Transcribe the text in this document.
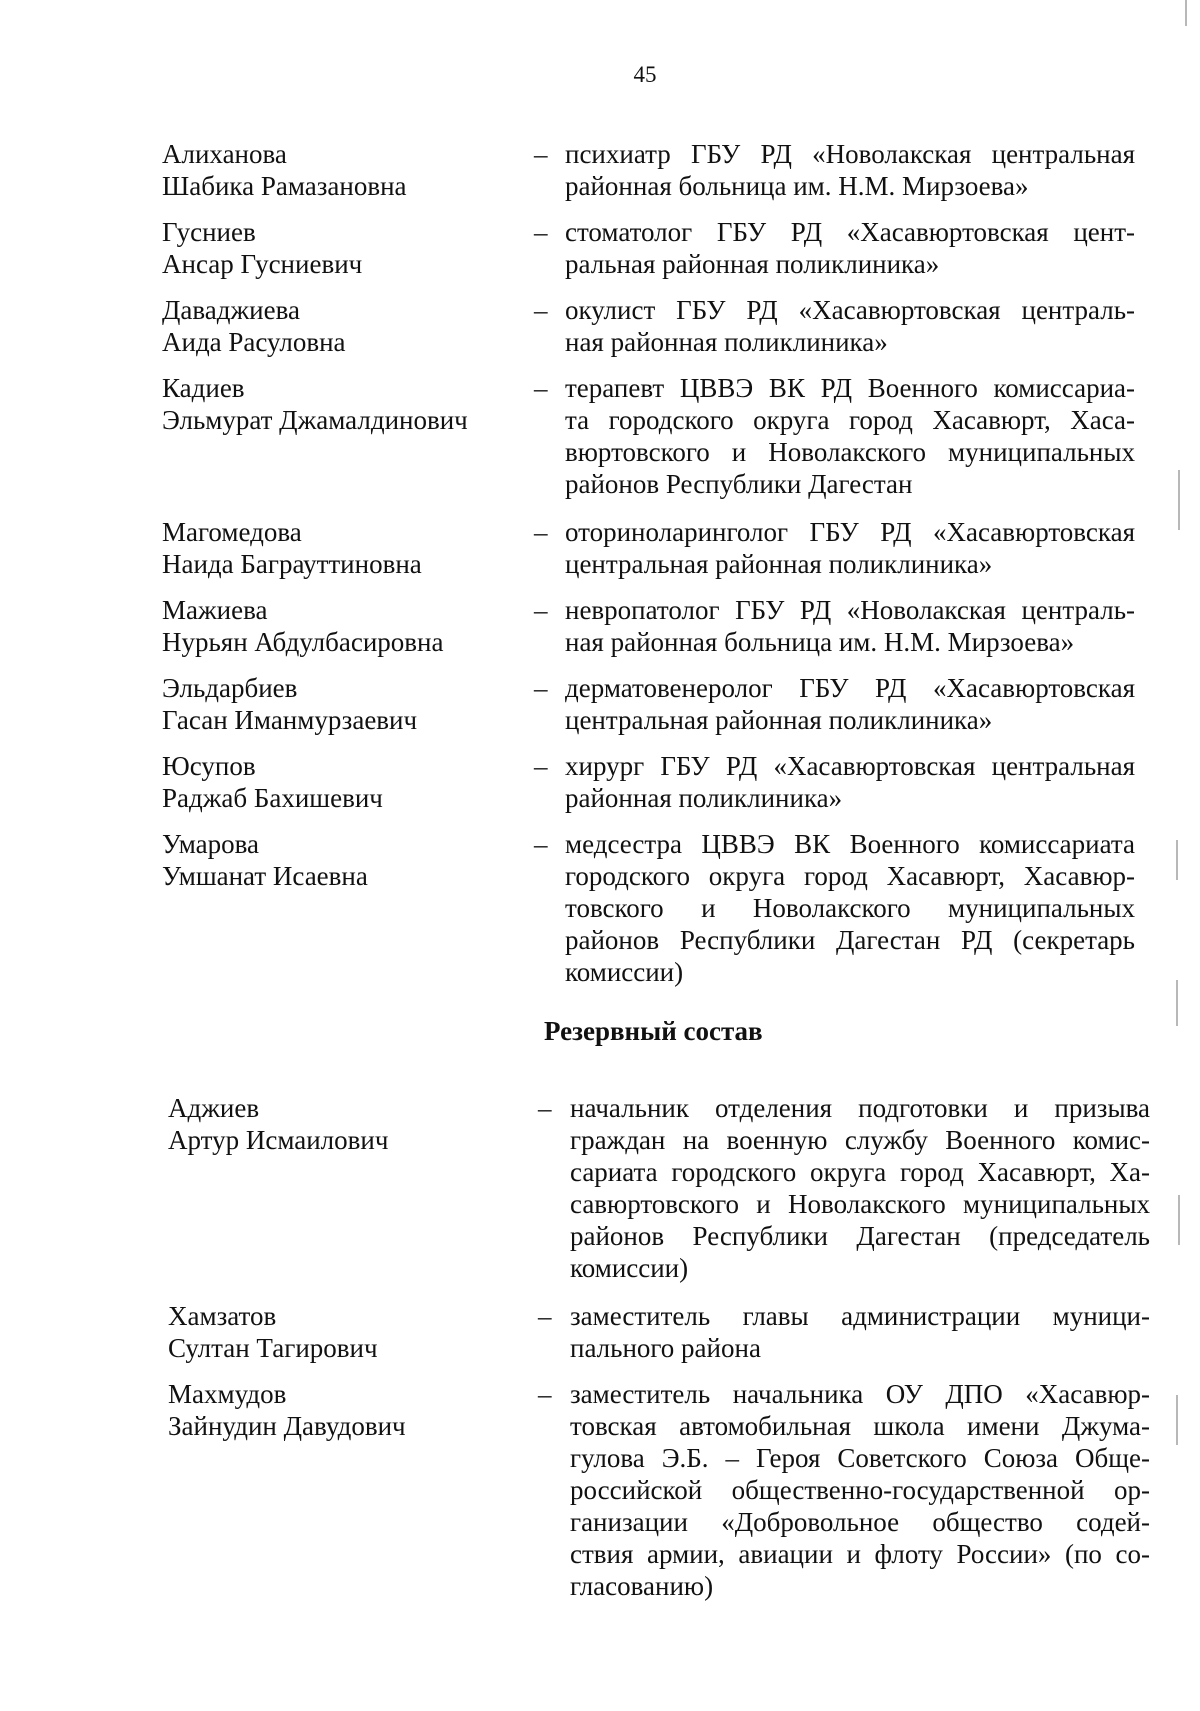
45
Алиханова
Шабика Рамазановна
– психиатр ГБУ РД «Новолакская центральная
районная больница им. Н.М. Мирзоева»
Гусниев
Ансар Гусниевич
– стоматолог ГБУ РД «Хасавюртовская цент-
ральная районная поликлиника»
Даваджиева
Аида Расуловна
– окулист ГБУ РД «Хасавюртовская централь-
ная районная поликлиника»
Кадиев
Эльмурат Джамалдинович
– терапевт ЦВВЭ ВК РД Военного комиссариа-
та городского округа город Хасавюрт, Хаса-
вюртовского и Новолакского муниципальных
районов Республики Дагестан
Магомедова
Наида Баграуттиновна
– оториноларинголог ГБУ РД «Хасавюртовская
центральная районная поликлиника»
Мажиева
Нурьян Абдулбасировна
– невропатолог ГБУ РД «Новолакская централь-
ная районная больница им. Н.М. Мирзоева»
Эльдарбиев
Гасан Иманмурзаевич
– дерматовенеролог ГБУ РД «Хасавюртовская
центральная районная поликлиника»
Юсупов
Раджаб Бахишевич
– хирург ГБУ РД «Хасавюртовская центральная
районная поликлиника»
Умарова
Умшанат Исаевна
– медсестра ЦВВЭ ВК Военного комиссариата
городского округа город Хасавюрт, Хасавюр-
товского и Новолакского муниципальных
районов Республики Дагестан РД (секретарь
комиссии)
Резервный состав
Аджиев
Артур Исмаилович
– начальник отделения подготовки и призыва
граждан на военную службу Военного комис-
сариата городского округа город Хасавюрт, Ха-
савюртовского и Новолакского муниципальных
районов Республики Дагестан (председатель
комиссии)
Хамзатов
Султан Тагирович
– заместитель главы администрации муници-
пального района
Махмудов
Зайнудин Давудович
– заместитель начальника ОУ ДПО «Хасавюр-
товская автомобильная школа имени Джума-
гулова Э.Б. – Героя Советского Союза Обще-
российской общественно-государственной ор-
ганизации «Добровольное общество содей-
ствия армии, авиации и флоту России» (по со-
гласованию)
